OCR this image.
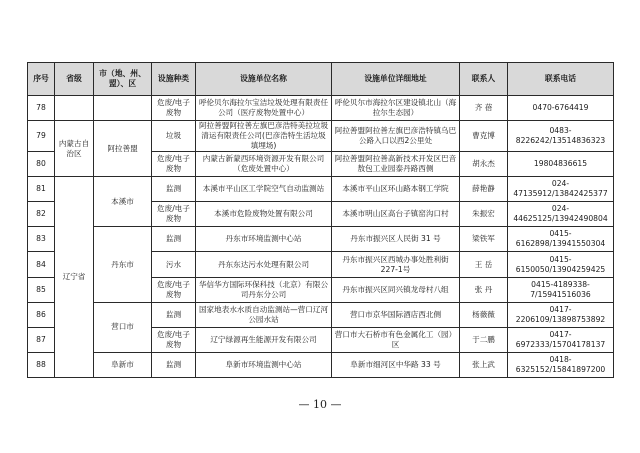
序号	省级	市（地、州、盟）、区	设施种类	设施单位名称	设施单位详细地址	联系人	联系电话
78			危废/电子废物	呼伦贝尔海拉尔宝洁垃圾处理有限责任公司（医疗废物处置中心）	呼伦贝尔市海拉尔区建设镇北山（海拉尔生态园）	齐 蓓	0470-6764419
79	内蒙古自治区	阿拉善盟	垃圾	阿拉善盟阿拉善左旗巴彦浩特美拉垃圾清运有限责任公司(巴彦浩特生活垃圾填埋场)	阿拉善盟阿拉善左旗巴彦浩特镇乌巴公路入口以西2公里处	曹克博	0483-8226242/13514836323
80			危废/电子废物	内蒙古新蒙西环境资源开发有限公司（危废处置中心）	阿拉善盟阿拉善高新技术开发区巴音敖包工业园泰丹路西侧	胡永杰	19804836615
81	辽宁省	本溪市	监测	本溪市平山区工学院空气自动监测站	本溪市平山区环山路本钢工学院	薛艳静	024-47135912/13842425377
82			危废/电子废物	本溪市危险废物处置有限公司	本溪市明山区高台子镇窑沟口村	朱振宏	024-44625125/13942490804
83		丹东市	监测	丹东市环境监测中心站	丹东市振兴区人民街 31 号	梁铁军	0415-6162898/13941550304
84			污水	丹东东达污水处理有限公司	丹东市振兴区西城办事处胜利街227-1号	王 岳	0415-6150050/13904259425
85			危废/电子废物	华信华方国际环保科技（北京）有限公司丹东分公司	丹东市振兴区同兴镇龙母村八组	张 丹	0415-4189338-7/15941516036
86		营口市	监测	国家地表水水质自动监测站—营口辽河公园水站	营口市京华国际酒店西北侧	杨薇薇	0417-2206109/13898753892
87			危废/电子废物	辽宁绿源再生能源开发有限公司	营口市大石桥市有色金属化工（园）区	于二鹏	0417-6972333/15704178137
88		阜新市	监测	阜新市环境监测中心站	阜新市细河区中华路 33 号	张上武	0418-6325152/15841897200
— 10 —
